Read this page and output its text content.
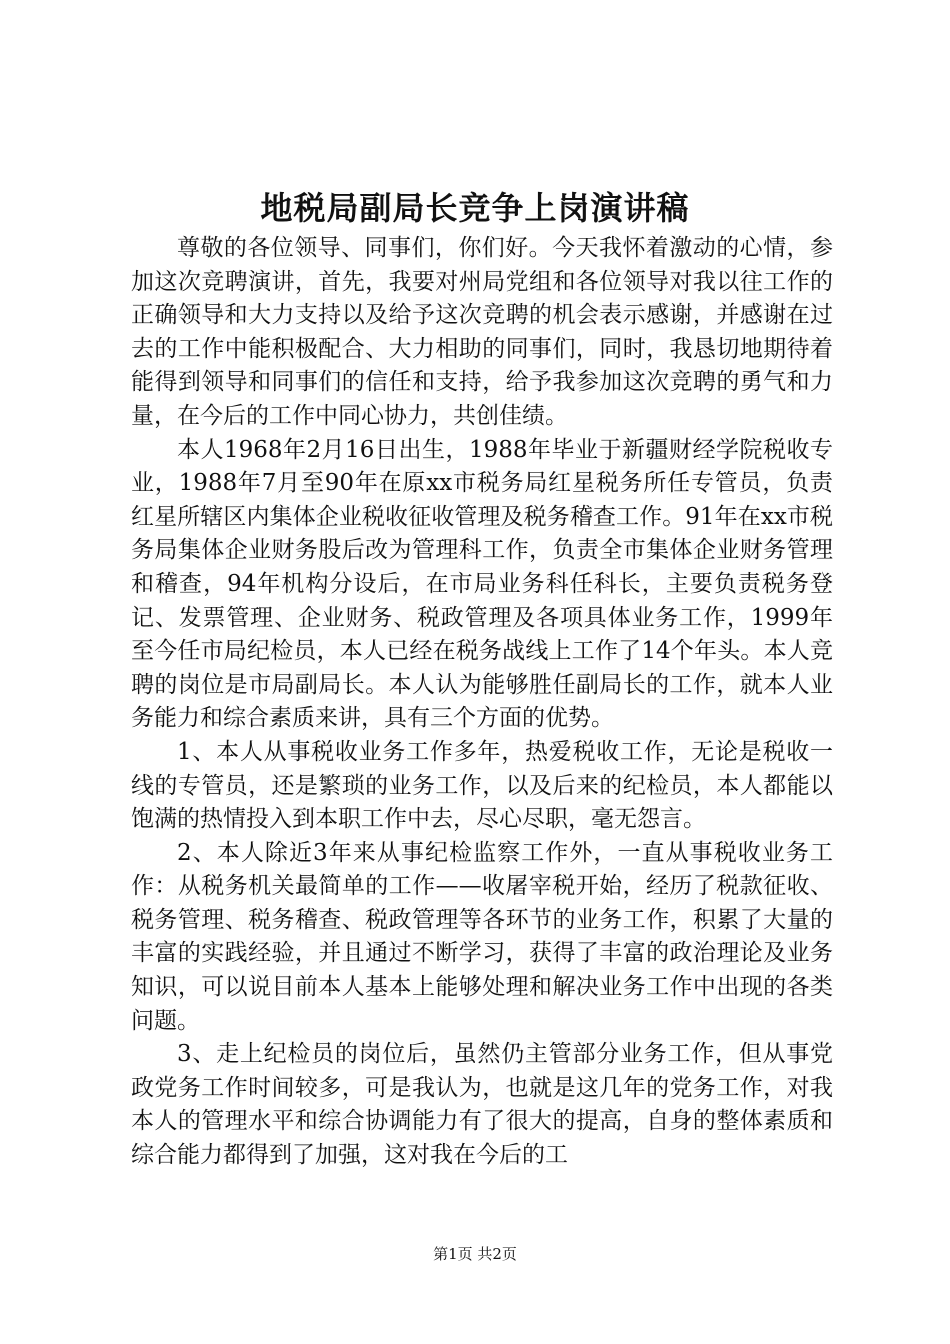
地税局副局长竞争上岗演讲稿

尊敬的各位领导、同事们，你们好。今天我怀着激动的心情，参加这次竞聘演讲，首先，我要对州局党组和各位领导对我以往工作的正确领导和大力支持以及给予这次竞聘的机会表示感谢，并感谢在过去的工作中能积极配合、大力相助的同事们，同时，我恳切地期待着能得到领导和同事们的信任和支持，给予我参加这次竞聘的勇气和力量，在今后的工作中同心协力，共创佳绩。

本人1968年2月16日出生，1988年毕业于新疆财经学院税收专业，1988年7月至90年在原xx市税务局红星税务所任专管员，负责红星所辖区内集体企业税收征收管理及税务稽查工作。91年在xx市税务局集体企业财务股后改为管理科工作，负责全市集体企业财务管理和稽查，94年机构分设后，在市局业务科任科长，主要负责税务登记、发票管理、企业财务、税政管理及各项具体业务工作，1999年至今任市局纪检员，本人已经在税务战线上工作了14个年头。本人竞聘的岗位是市局副局长。本人认为能够胜任副局长的工作，就本人业务能力和综合素质来讲，具有三个方面的优势。

1、本人从事税收业务工作多年，热爱税收工作，无论是税收一线的专管员，还是繁琐的业务工作，以及后来的纪检员，本人都能以饱满的热情投入到本职工作中去，尽心尽职，毫无怨言。

2、本人除近3年来从事纪检监察工作外，一直从事税收业务工作：从税务机关最简单的工作——收屠宰税开始，经历了税款征收、税务管理、税务稽查、税政管理等各环节的业务工作，积累了大量的丰富的实践经验，并且通过不断学习，获得了丰富的政治理论及业务知识，可以说目前本人基本上能够处理和解决业务工作中出现的各类问题。

3、走上纪检员的岗位后，虽然仍主管部分业务工作，但从事党政党务工作时间较多，可是我认为，也就是这几年的党务工作，对我本人的管理水平和综合协调能力有了很大的提高，自身的整体素质和综合能力都得到了加强，这对我在今后的工

第1页 共2页
